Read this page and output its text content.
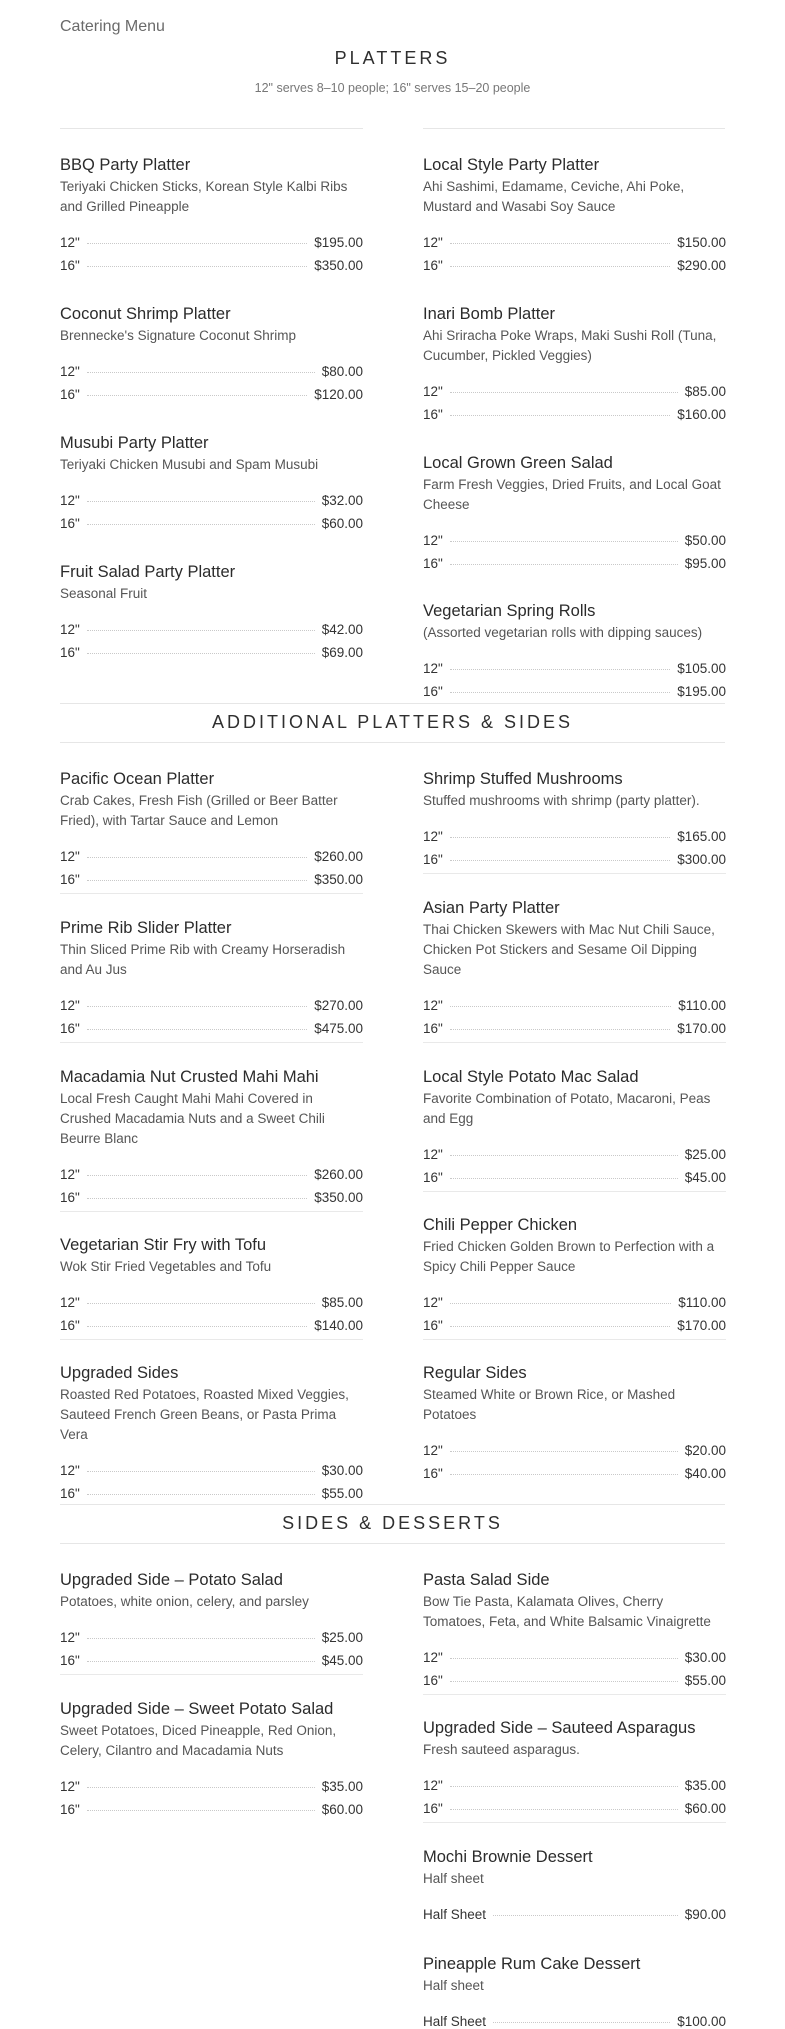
Catering Menu
PLATTERS
12" serves 8–10 people; 16" serves 15–20 people
BBQ Party Platter
Teriyaki Chicken Sticks, Korean Style Kalbi Ribs and Grilled Pineapple
12"	$195.00
16"	$350.00
Local Style Party Platter
Ahi Sashimi, Edamame, Ceviche, Ahi Poke, Mustard and Wasabi Soy Sauce
12"	$150.00
16"	$290.00
Coconut Shrimp Platter
Brennecke's Signature Coconut Shrimp
12"	$80.00
16"	$120.00
Inari Bomb Platter
Ahi Sriracha Poke Wraps, Maki Sushi Roll (Tuna, Cucumber, Pickled Veggies)
12"	$85.00
16"	$160.00
Musubi Party Platter
Teriyaki Chicken Musubi and Spam Musubi
12"	$32.00
16"	$60.00
Local Grown Green Salad
Farm Fresh Veggies, Dried Fruits, and Local Goat Cheese
12"	$50.00
16"	$95.00
Fruit Salad Party Platter
Seasonal Fruit
12"	$42.00
16"	$69.00
Vegetarian Spring Rolls
(Assorted vegetarian rolls with dipping sauces)
12"	$105.00
16"	$195.00
ADDITIONAL PLATTERS & SIDES
Pacific Ocean Platter
Crab Cakes, Fresh Fish (Grilled or Beer Batter Fried), with Tartar Sauce and Lemon
12"	$260.00
16"	$350.00
Shrimp Stuffed Mushrooms
Stuffed mushrooms with shrimp (party platter).
12"	$165.00
16"	$300.00
Prime Rib Slider Platter
Thin Sliced Prime Rib with Creamy Horseradish and Au Jus
12"	$270.00
16"	$475.00
Asian Party Platter
Thai Chicken Skewers with Mac Nut Chili Sauce, Chicken Pot Stickers and Sesame Oil Dipping Sauce
12"	$110.00
16"	$170.00
Macadamia Nut Crusted Mahi Mahi
Local Fresh Caught Mahi Mahi Covered in Crushed Macadamia Nuts and a Sweet Chili Beurre Blanc
12"	$260.00
16"	$350.00
Local Style Potato Mac Salad
Favorite Combination of Potato, Macaroni, Peas and Egg
12"	$25.00
16"	$45.00
Vegetarian Stir Fry with Tofu
Wok Stir Fried Vegetables and Tofu
12"	$85.00
16"	$140.00
Chili Pepper Chicken
Fried Chicken Golden Brown to Perfection with a Spicy Chili Pepper Sauce
12"	$110.00
16"	$170.00
Upgraded Sides
Roasted Red Potatoes, Roasted Mixed Veggies, Sauteed French Green Beans, or Pasta Prima Vera
12"	$30.00
16"	$55.00
Regular Sides
Steamed White or Brown Rice, or Mashed Potatoes
12"	$20.00
16"	$40.00
SIDES & DESSERTS
Upgraded Side – Potato Salad
Potatoes, white onion, celery, and parsley
12"	$25.00
16"	$45.00
Pasta Salad Side
Bow Tie Pasta, Kalamata Olives, Cherry Tomatoes, Feta, and White Balsamic Vinaigrette
12"	$30.00
16"	$55.00
Upgraded Side – Sweet Potato Salad
Sweet Potatoes, Diced Pineapple, Red Onion, Celery, Cilantro and Macadamia Nuts
12"	$35.00
16"	$60.00
Upgraded Side – Sauteed Asparagus
Fresh sauteed asparagus.
12"	$35.00
16"	$60.00
Mochi Brownie Dessert
Half sheet
Half Sheet	$90.00
Pineapple Rum Cake Dessert
Half sheet
Half Sheet	$100.00
